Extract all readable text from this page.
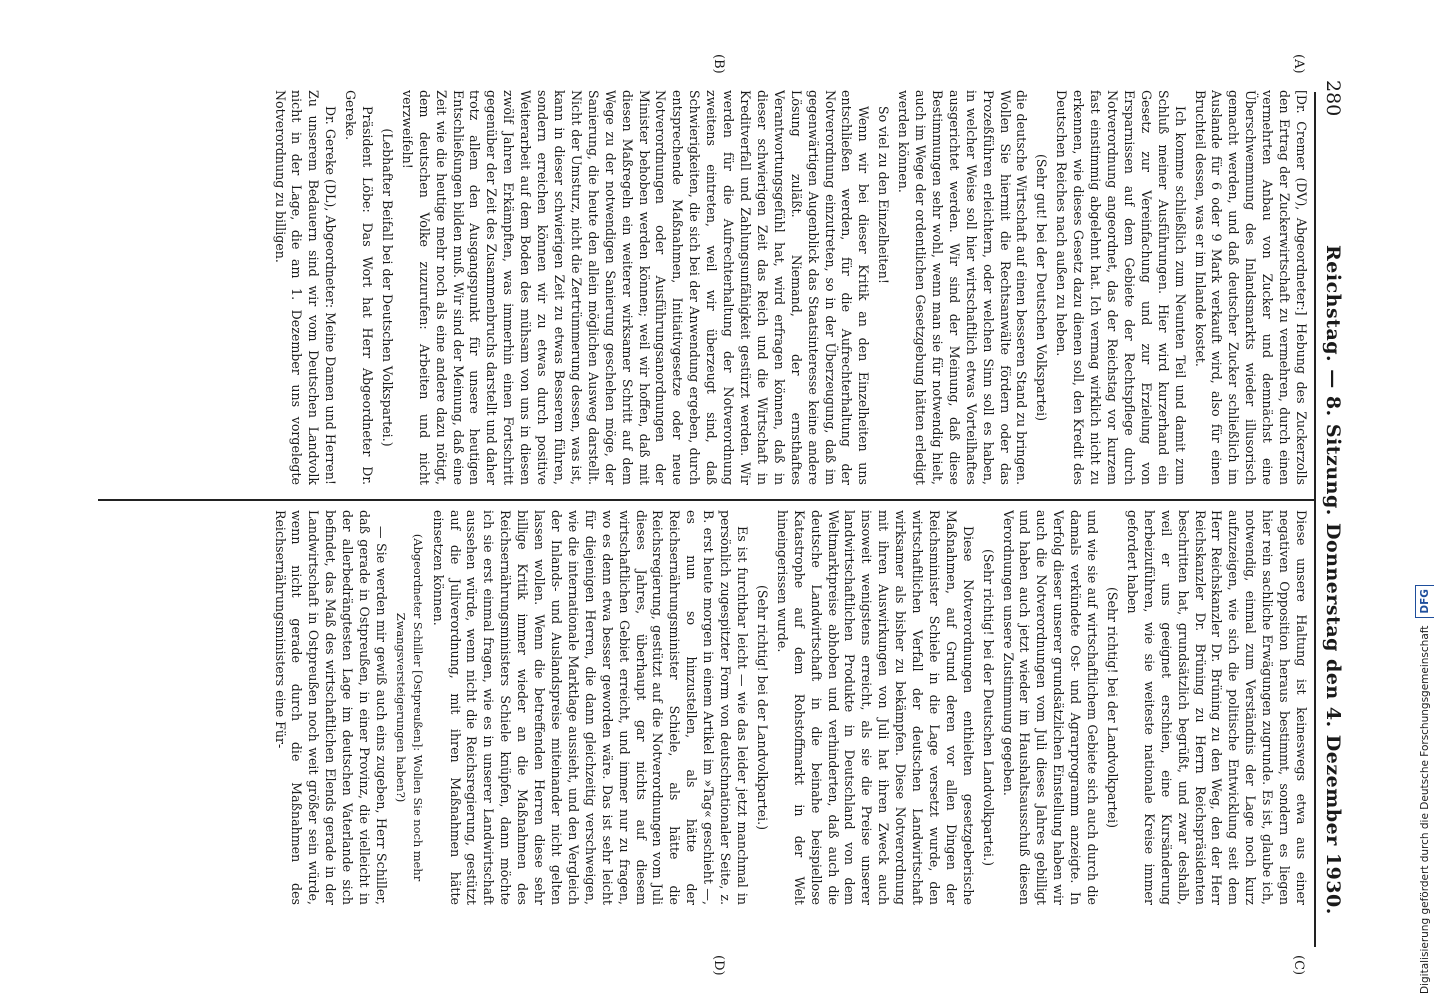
280
Reichstag. — 8. Sitzung. Donnerstag den 4. Dezember 1930.
(A)
(B)
(C)
(D)

[Dr. Cremer (DV), Abgeordneter:] Hebung des Zuckerzolls den Ertrag der Zuckerwirtschaft zu vermehren, durch einen vermehrten Anbau von Zucker und demnächst eine Überschwemmung des Inlandsmarkts wieder illusorisch gemacht werden, und daß deutscher Zucker schließlich im Auslande für 6 oder 9 Mark verkauft wird, also für einen Bruchteil dessen, was er im Inlande kostet.

Ich komme schließlich zum Neunten Teil und damit zum Schluß meiner Ausführungen. Hier wird kurzerhand ein Gesetz zur Vereinfachung und zur Erzielung von Ersparnissen auf dem Gebiete der Rechtspflege durch Notverordnung angeordnet, das der Reichstag vor kurzem fast einstimmig abgelehnt hat. Ich vermag wirklich nicht zu erkennen, wie dieses Gesetz dazu dienen soll, den Kredit des Deutschen Reiches nach außen zu heben.

(Sehr gut! bei der Deutschen Volkspartei)

die deutsche Wirtschaft auf einen besseren Stand zu bringen. Wollen Sie hiermit die Rechtsanwälte fördern oder das Prozeßführen erleichtern, oder welchen Sinn soll es haben, in welcher Weise soll hier wirtschaftlich etwas Vorteilhaftes ausgerichtet werden. Wir sind der Meinung, daß diese Bestimmungen sehr wohl, wenn man sie für notwendig hielt, auch im Wege der ordentlichen Gesetzgebung hätten erledigt werden können.

So viel zu den Einzelheiten!

Wenn wir bei dieser Kritik an den Einzelheiten uns entschließen werden, für die Aufrechterhaltung der Notverordnung einzutreten, so in der Überzeugung, daß im gegenwärtigen Augenblick das Staatsinteresse keine andere Lösung zuläßt. Niemand, der ernsthaftes Verantwortungsgefühl hat, wird erfragen können, daß in dieser schwierigen Zeit das Reich und die Wirtschaft in Kreditverfall und Zahlungsunfähigkeit gestürzt werden. Wir werden für die Aufrechterhaltung der Notverordnung zweitens eintreten, weil wir überzeugt sind, daß Schwierigkeiten, die sich bei der Anwendung ergeben, durch entsprechende Maßnahmen, Initiativgesetze oder neue Notverordnungen oder Ausführungsanordnungen der Minister behoben werden können; weil wir hoffen, daß mit diesen Maßregeln ein weiterer wirksamer Schritt auf dem Wege zu der notwendigen Sanierung geschehen möge, der Sanierung, die heute den allein möglichen Ausweg darstellt. Nicht der Umsturz, nicht die Zertrümmerung dessen, was ist, kann in dieser schwierigen Zeit zu etwas Besserem führen, sondern erreichen können wir zu etwas durch positive Weiterarbeit auf dem Boden des mühsam von uns in diesen zwölf Jahren Erkämpften, was immerhin einen Fortschritt gegenüber der Zeit des Zusammenbruchs darstellt und daher trotz allem den Ausgangspunkt für unsere heutigen Entschließungen bilden muß. Wir sind der Meinung, daß eine Zeit wie die heutige mehr noch als eine andere dazu nötigt, dem deutschen Volke zuzurufen: Arbeiten und nicht verzweifeln!

(Lebhafter Beifall bei der Deutschen Volkspartei.)

Präsident Löbe: Das Wort hat Herr Abgeordneter Dr. Gereke.

Dr. Gereke (DL), Abgeordneter: Meine Damen und Herren! Zu unserem Bedauern sind wir vom Deutschen Landvolk nicht in der Lage, die am 1. Dezember uns vorgelegte Notverordnung zu billigen.

Diese unsere Haltung ist keineswegs etwa aus einer negativen Opposition heraus bestimmt, sondern es liegen hier rein sachliche Erwägungen zugrunde. Es ist, glaube ich, notwendig, einmal zum Verständnis der Lage noch kurz aufzuzeigen, wie sich die politische Entwicklung seit dem Herr Reichskanzler Dr. Brüning zu den Weg, den der Herr Reichskanzler Dr. Brüning zu Herrn Reichspräsidenten beschritten hat, grundsätzlich begrüßt, und zwar deshalb, weil er uns geeignet erschien, eine Kursänderung herbeizuführen, wie sie weiteste nationale Kreise immer gefordert haben

(Sehr richtig! bei der Landvolkpartei)

und wie sie auf wirtschaftlichem Gebiete sich auch durch die damals verkündete Ost- und Agrarprogramm anzeigte. In Verfolg dieser unserer grundsätzlichen Einstellung haben wir auch die Notverordnungen vom Juli dieses Jahres gebilligt und haben auch jetzt wieder im Haushaltsausschuß diesen Verordnungen unsere Zustimmung gegeben.

(Sehr richtig! bei der Deutschen Landvolkpartei.)

Diese Notverordnungen enthielten gesetzgeberische Maßnahmen, auf Grund deren vor allen Dingen der Reichsminister Schiele in die Lage versetzt wurde, den wirtschaftlichen Verfall der deutschen Landwirtschaft wirksamer als bisher zu bekämpfen. Diese Notverordnung mit ihren Auswirkungen von Juli hat ihren Zweck auch insoweit wenigstens erreicht, als sie die Preise unserer landwirtschaftlichen Produkte in Deutschland von dem Weltmarktpreise abhoben und verhinderten, daß auch die deutsche Landwirtschaft in die beinahe beispiellose Katastrophe auf dem Rohstoffmarkt in der Welt hineingerissen wurde.

(Sehr richtig! bei der Landvolkpartei.)

Es ist furchtbar leicht — wie das leider jetzt manchmal in persönlich zugespitzter Form von deutschnationaler Seite, z. B. erst heute morgen in einem Artikel im »Tag« geschieht —, es nun so hinzustellen, als hätte der Reichsernährungsminister Schiele, als hätte die Reichsregierung, gestützt auf die Notverordnungen vom Juli dieses Jahres, überhaupt gar nichts auf diesem wirtschaftlichen Gebiet erreicht, und immer nur zu fragen, wo es denn etwa besser geworden wäre. Das ist sehr leicht für diejenigen Herren, die dann gleichzeitig verschweigen, wie die internationale Marktlage aussieht, und den Vergleich der Inlands- und Auslandspreise miteinander nicht gelten lassen wollen. Wenn die betreffenden Herren diese sehr billige Kritik immer wieder an die Maßnahmen des Reichsernährungsministers Schiele knüpfen, dann möchte ich sie erst einmal fragen, wie es in unserer Landwirtschaft aussehen würde, wenn nicht die Reichsregierung, gestützt auf die Juliverordnung, mit ihren Maßnahmen hätte einsetzen können.

(Abgeordneter Schiller [Ostpreußen]: Wollen Sie noch mehr Zwangsversteigerungen haben?)

— Sie werden mir gewiß auch eins zugeben, Herr Schiller, daß gerade in Ostpreußen, in einer Provinz, die vielleicht in der allerbedrängtesten Lage im deutschen Vaterlande sich befindet, das Maß des wirtschaftlichen Elends gerade in der Landwirtschaft in Ostpreußen noch weit größer sein würde, wenn nicht gerade durch die Maßnahmen des Reichsernährungsministers eine Für-	Digitalisierung gefördert durch die Deutsche ForschungsgemeinschaftDFG
